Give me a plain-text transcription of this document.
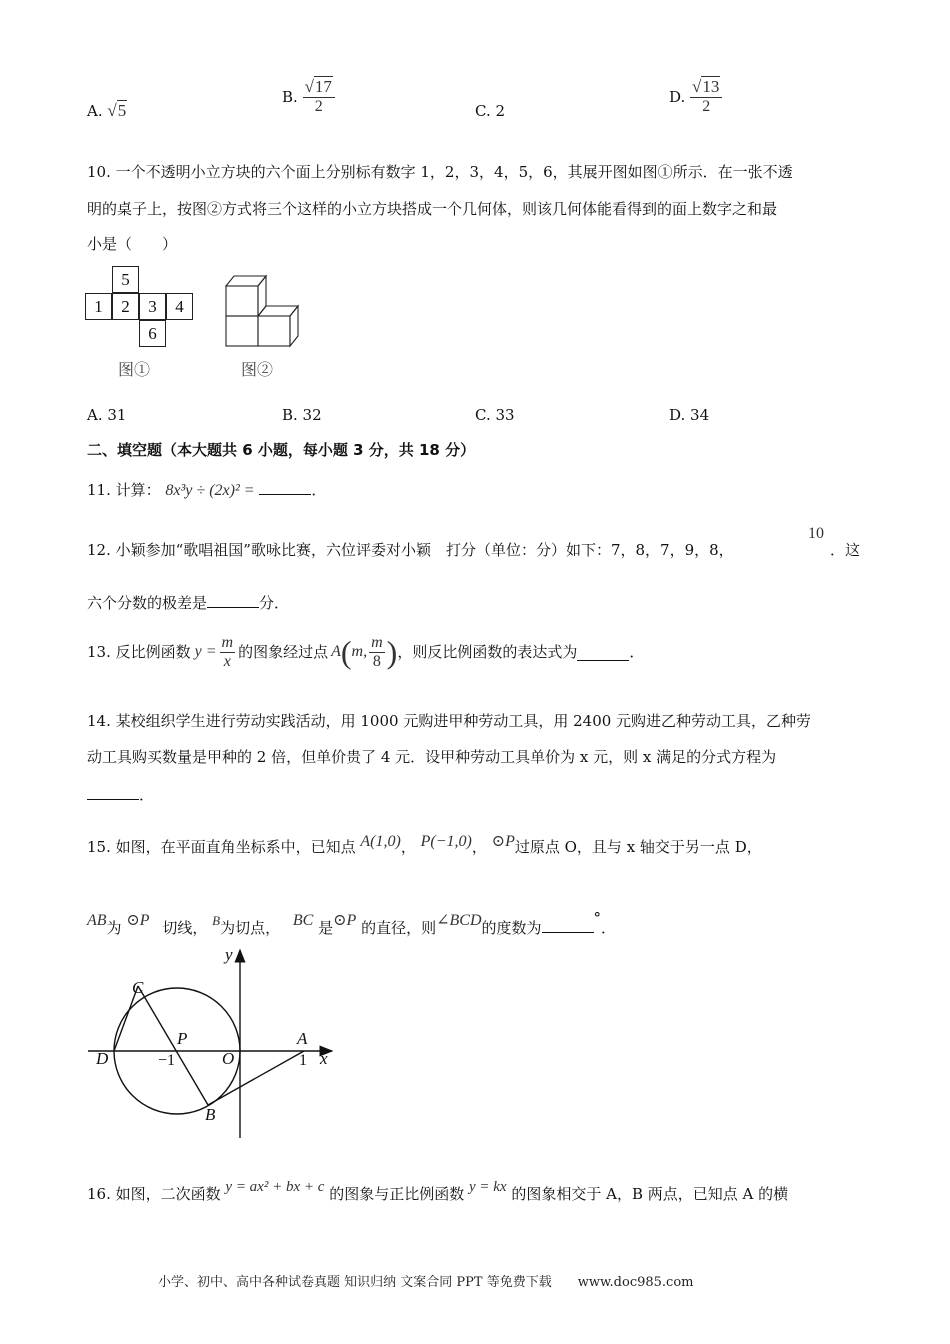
A. √5
B. $\frac{√17}{2}$	C. 2
D. $\frac{√13}{2}$
10. 一个不透明小立方块的六个面上分别标有数字 1，2，3，4，5，6，其展开图如图①所示．在一张不透
明的桌子上，按图②方式将三个这样的小立方块搭成一个几何体，则该几何体能看得到的面上数字之和最
小是（　　）
5
1	2	3	4
6
图①	图②
A. 31	B. 32	C. 33	D. 34
二、填空题（本大题共 6 小题，每小题 3 分，共 18 分）
11. 计算： 8x³y ÷ (2x)² =	．
12. 小颖参加“歌唱祖国”歌咏比赛，六位评委对小颖　打分（单位：分）如下：7，8，7，9，8，
10
．这
六个分数的极差是	分．
13. 反比例函数 $y = \frac{m}{x}$ 的图象经过点 A ( m, $\frac{m}{8}$ ) ，则反比例函数的表达式为	．
14. 某校组织学生进行劳动实践活动，用 1000 元购进甲种劳动工具，用 2400 元购进乙种劳动工具，乙种劳
动工具购买数量是甲种的 2 倍，但单价贵了 4 元．设甲种劳动工具单价为 x 元，则 x 满足的分式方程为
．
15. 如图，在平面直角坐标系中，已知点 A(1,0)， P(−1,0)， ⊙P过原点 O，且与 x 轴交于另一点 D，
AB为 ⊙P 切线， B为切点， BC 是⊙P 的直径，则∠BCD的度数为°．
y
x
C
P
D	O
A
B
−1	1
16. 如图，二次函数 y = ax² + bx + c 的图象与正比例函数 y = kx 的图象相交于 A，B 两点，已知点 A 的横
小学、初中、高中各种试卷真题 知识归纳 文案合同 PPT 等免费下载　　www.doc985.com
